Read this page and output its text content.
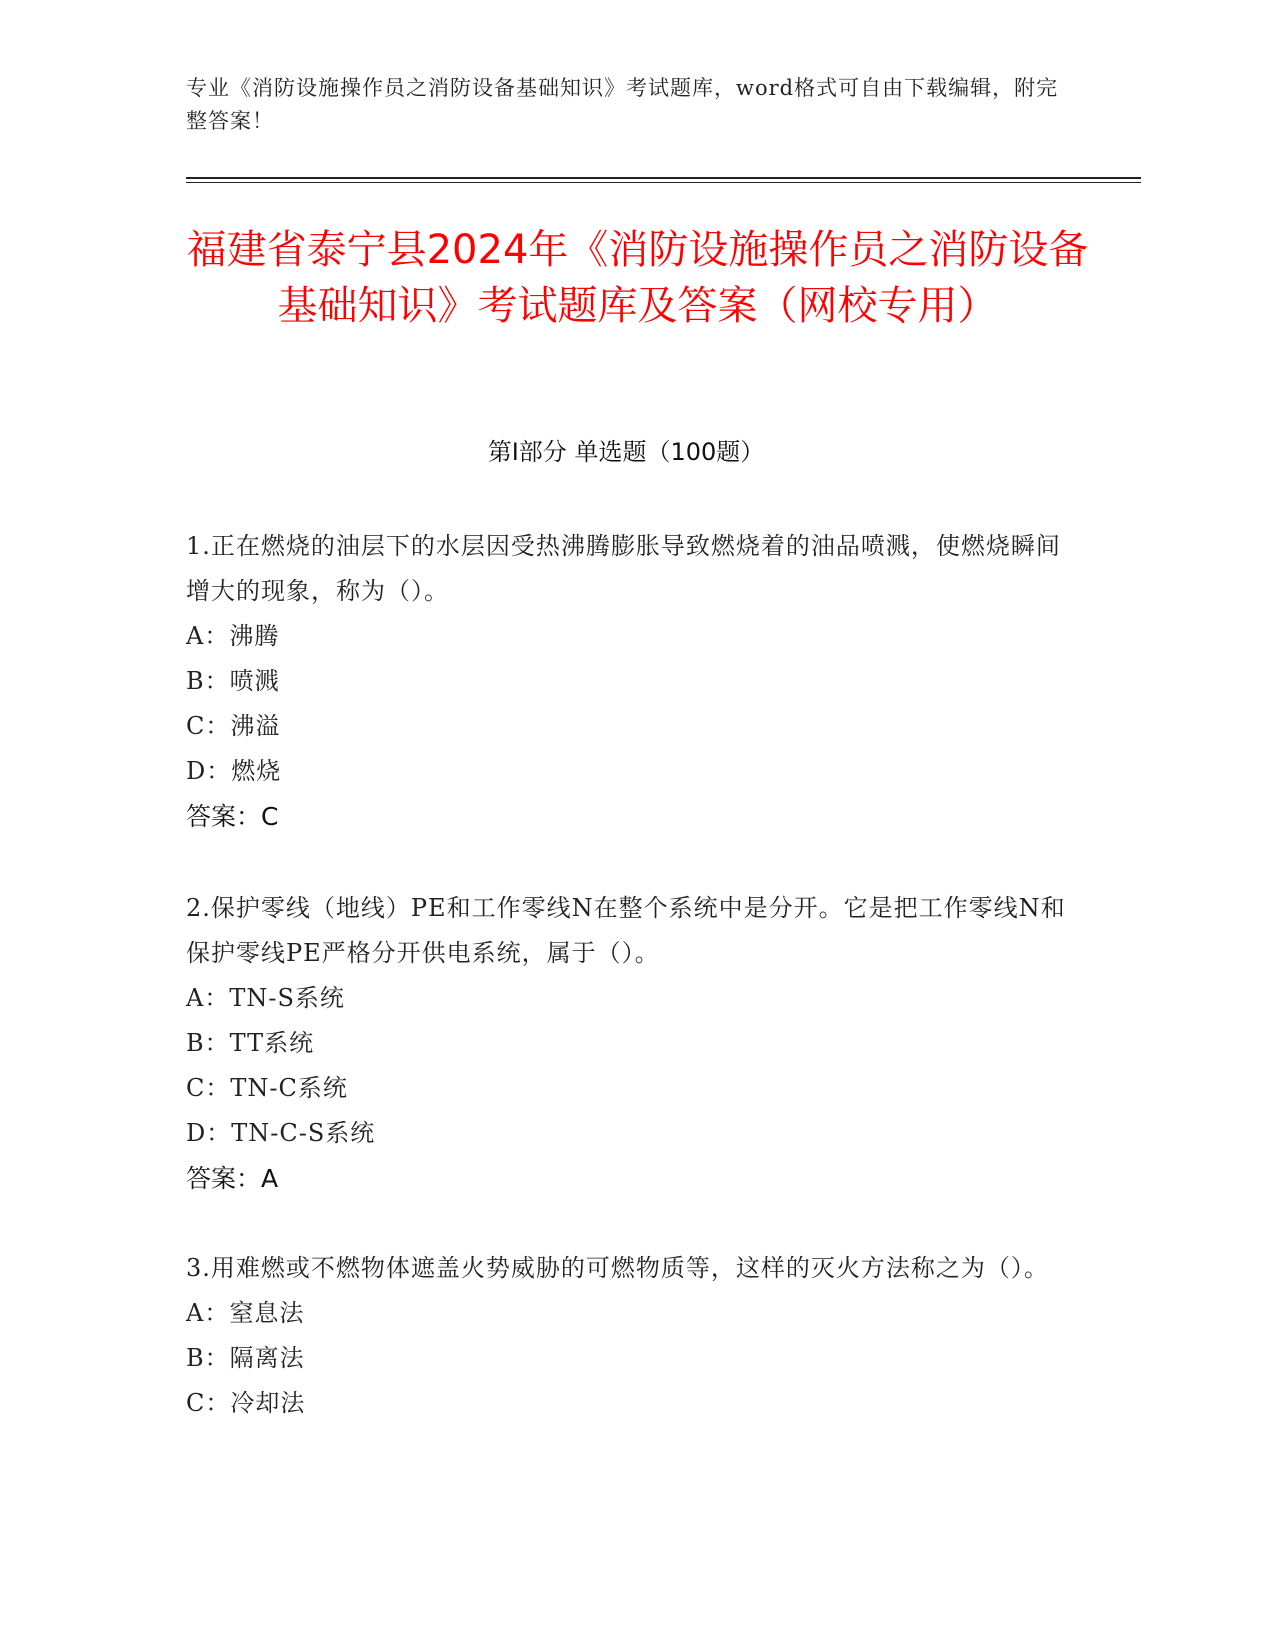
专业《消防设施操作员之消防设备基础知识》考试题库，word格式可自由下载编辑，附完整答案！
福建省泰宁县2024年《消防设施操作员之消防设备基础知识》考试题库及答案（网校专用）
第I部分 单选题（100题）
1.正在燃烧的油层下的水层因受热沸腾膨胀导致燃烧着的油品喷溅，使燃烧瞬间增大的现象，称为（）。
A：沸腾
B：喷溅
C：沸溢
D：燃烧
答案：C
2.保护零线（地线）PE和工作零线N在整个系统中是分开。它是把工作零线N和保护零线PE严格分开供电系统，属于（）。
A：TN-S系统
B：TT系统
C：TN-C系统
D：TN-C-S系统
答案：A
3.用难燃或不燃物体遮盖火势威胁的可燃物质等，这样的灭火方法称之为（）。
A：窒息法
B：隔离法
C：冷却法
